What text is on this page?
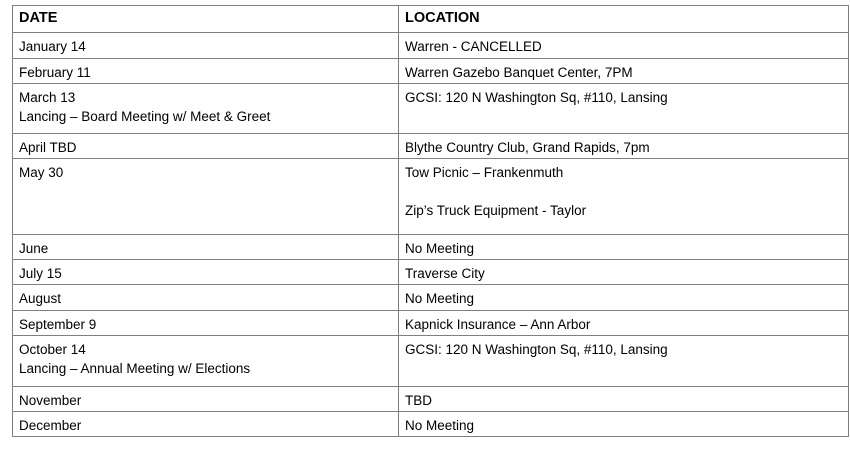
DATE	LOCATION

January 14	Warren - CANCELLED

February 11	Warren Gazebo Banquet Center, 7PM

March 13
Lancing – Board Meeting w/ Meet & Greet	GCSI: 120 N Washington Sq, #110, Lansing

April TBD	Blythe Country Club, Grand Rapids, 7pm

May 30	Tow Picnic – Frankenmuth
Zip’s Truck Equipment - Taylor

June	No Meeting

July 15	Traverse City

August	No Meeting

September 9	Kapnick Insurance – Ann Arbor

October 14
Lancing – Annual Meeting w/ Elections	GCSI: 120 N Washington Sq, #110, Lansing

November	TBD

December	No Meeting
